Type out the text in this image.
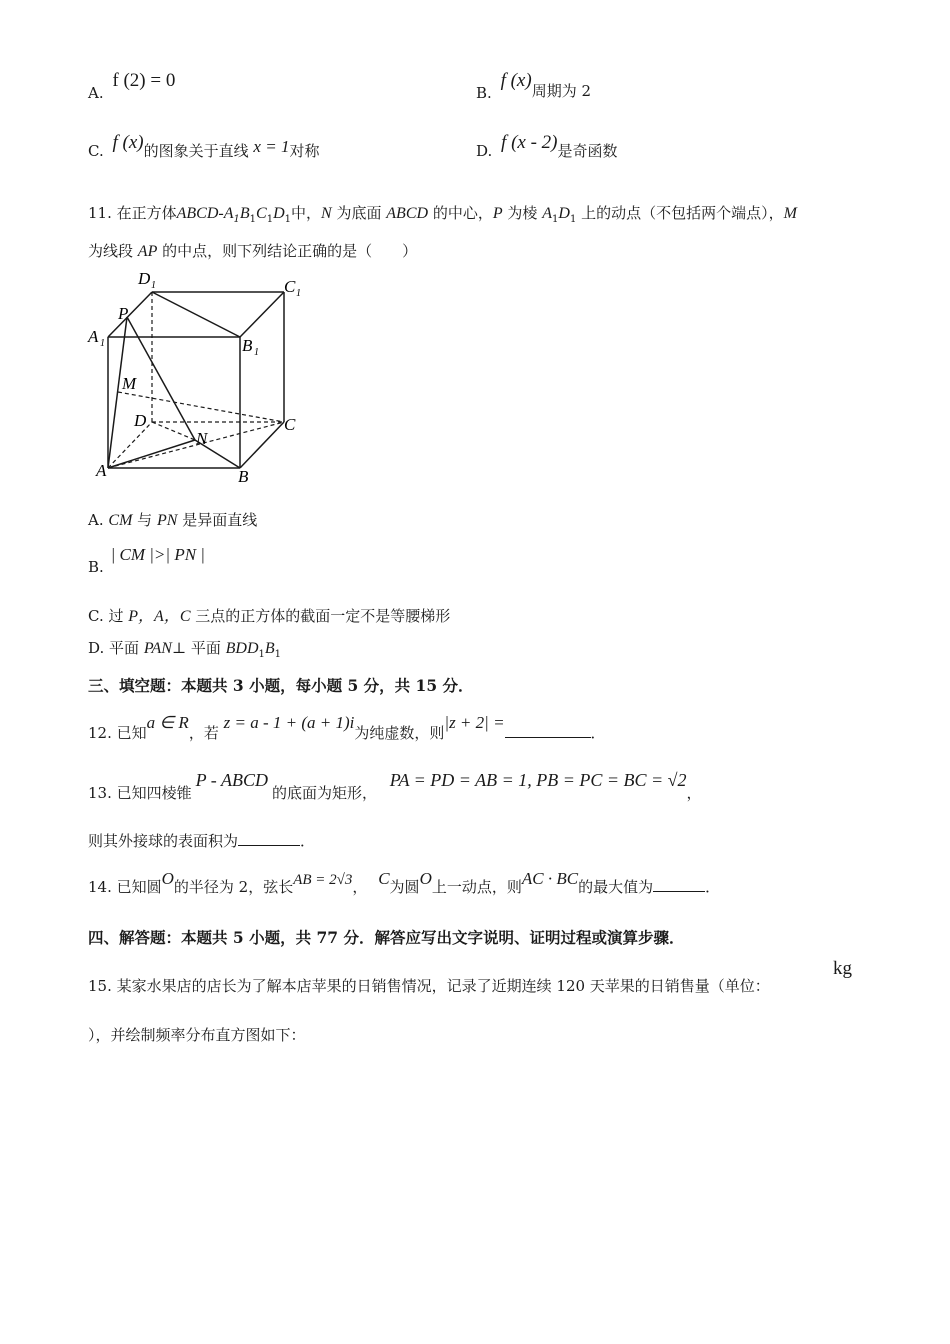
A. f (2) = 0
B. f (x)周期为 2
C. f (x)的图象关于直线 x = 1对称	D. f (x - 2)是奇函数
11. 在正方体ABCD-$A_1B_1C_1D_1$中，N 为底面 ABCD 的中心，P 为棱 $A_1D_1$ 上的动点（不包括两个端点），M
为线段 AP 的中点，则下列结论正确的是（　　）
D 1	C 1
P
A 1	B 1
M
D	C
N
A	B
A. CM 与 PN 是异面直线
B. | CM |>| PN |
C. 过 P，A，C 三点的正方体的截面一定不是等腰梯形
D. 平面 PAN⊥ 平面 $BDD_1B_1$
三、填空题：本题共 3 小题，每小题 5 分，共 15 分．
12. 已知a ∈ R，若 z = a - 1 + (a + 1)i为纯虚数，则|z + 2| =．
13. 已知四棱锥P - ABCD的底面为矩形， PA = PD = AB = 1, PB = PC = BC = √2，
则其外接球的表面积为	．
14. 已知圆O的半径为 2，弦长AB = 2√3， C为圆O上一动点，则AC · BC的最大值为	．
四、解答题：本题共 5 小题，共 77 分．解答应写出文字说明、证明过程或演算步骤．
15. 某家水果店的店长为了解本店苹果的日销售情况，记录了近期连续 120 天苹果的日销售量（单位：
kg
），并绘制频率分布直方图如下：
